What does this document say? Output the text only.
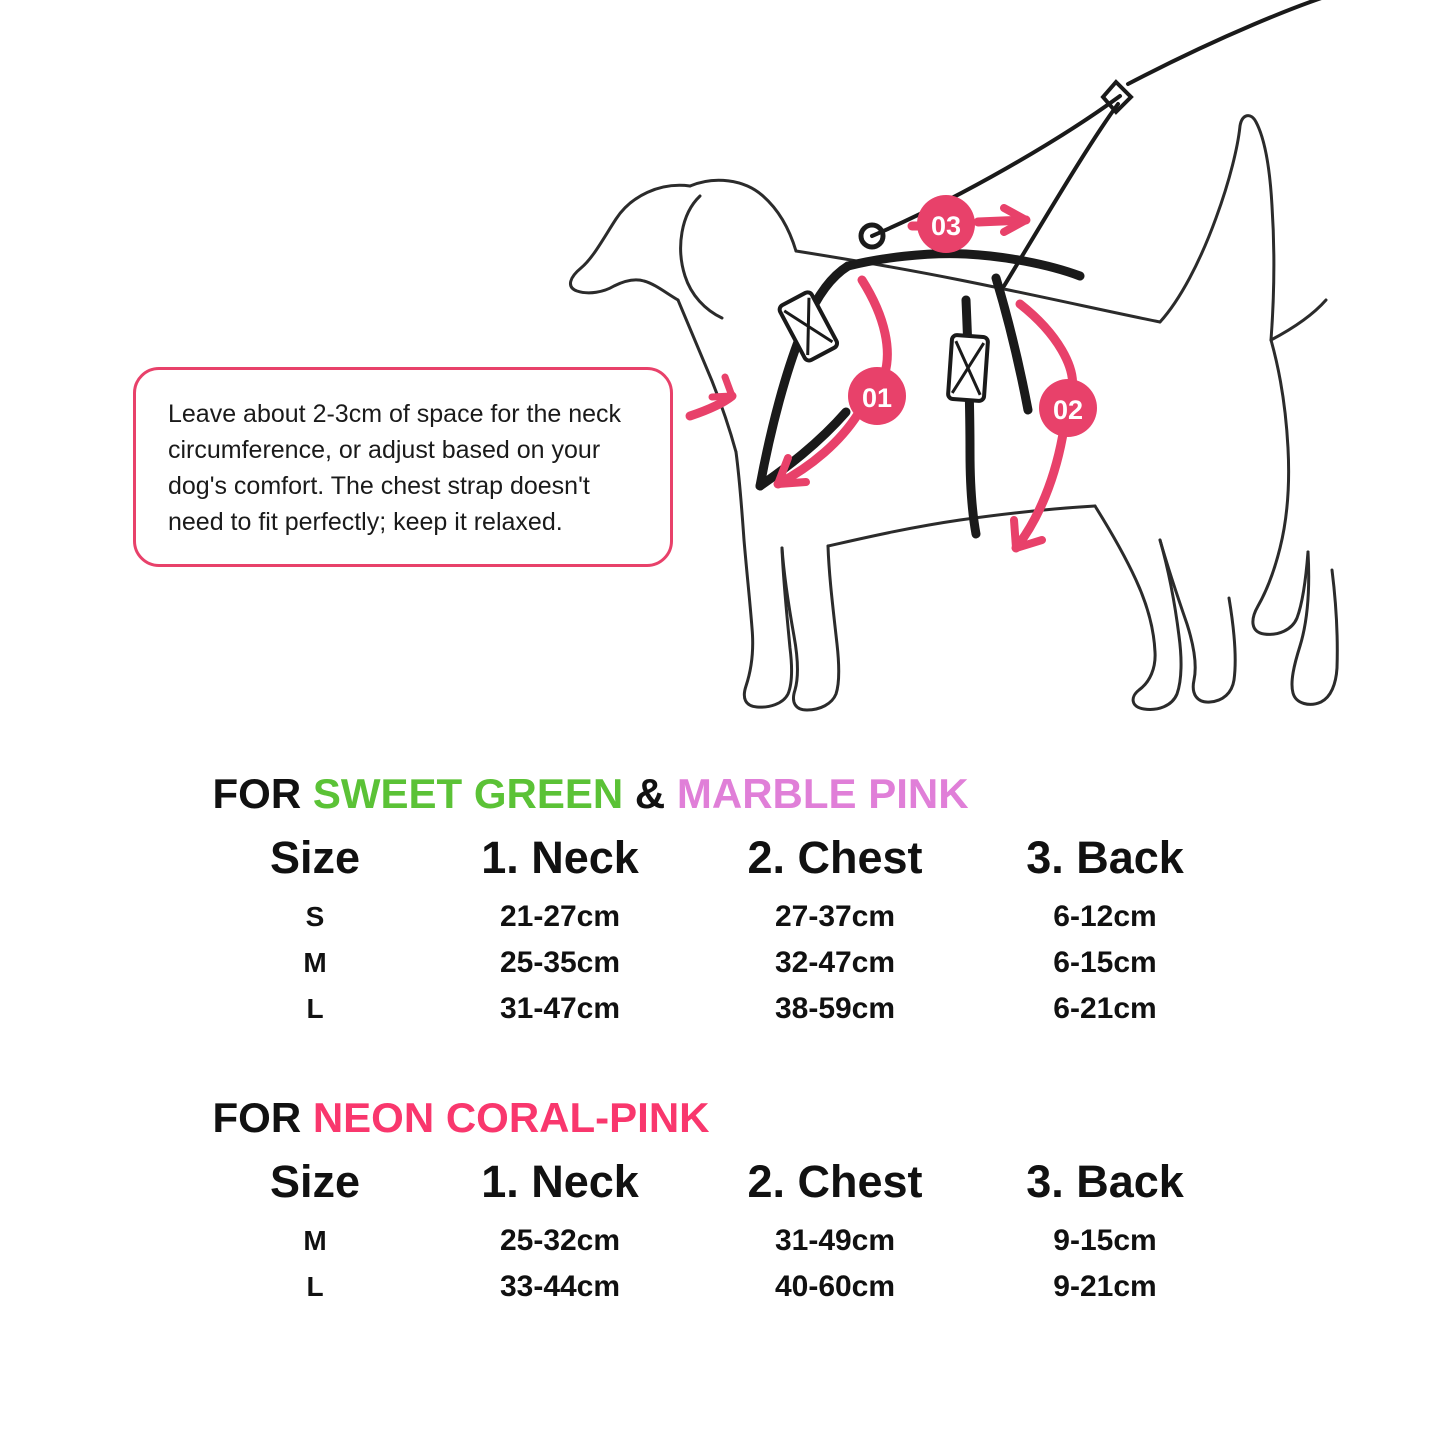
01	02
03

Leave about 2-3cm of space for the neck circumference, or adjust based on your dog's comfort. The chest strap doesn't need to fit perfectly; keep it relaxed.

FOR SWEET GREEN & MARBLE PINK
Size	1. Neck	2. Chest	3. Back
S	21-27cm	27-37cm	6-12cm
M	25-35cm	32-47cm	6-15cm
L	31-47cm	38-59cm	6-21cm
FOR NEON CORAL-PINK
Size	1. Neck	2. Chest	3. Back
M	25-32cm	31-49cm	9-15cm
L	33-44cm	40-60cm	9-21cm
